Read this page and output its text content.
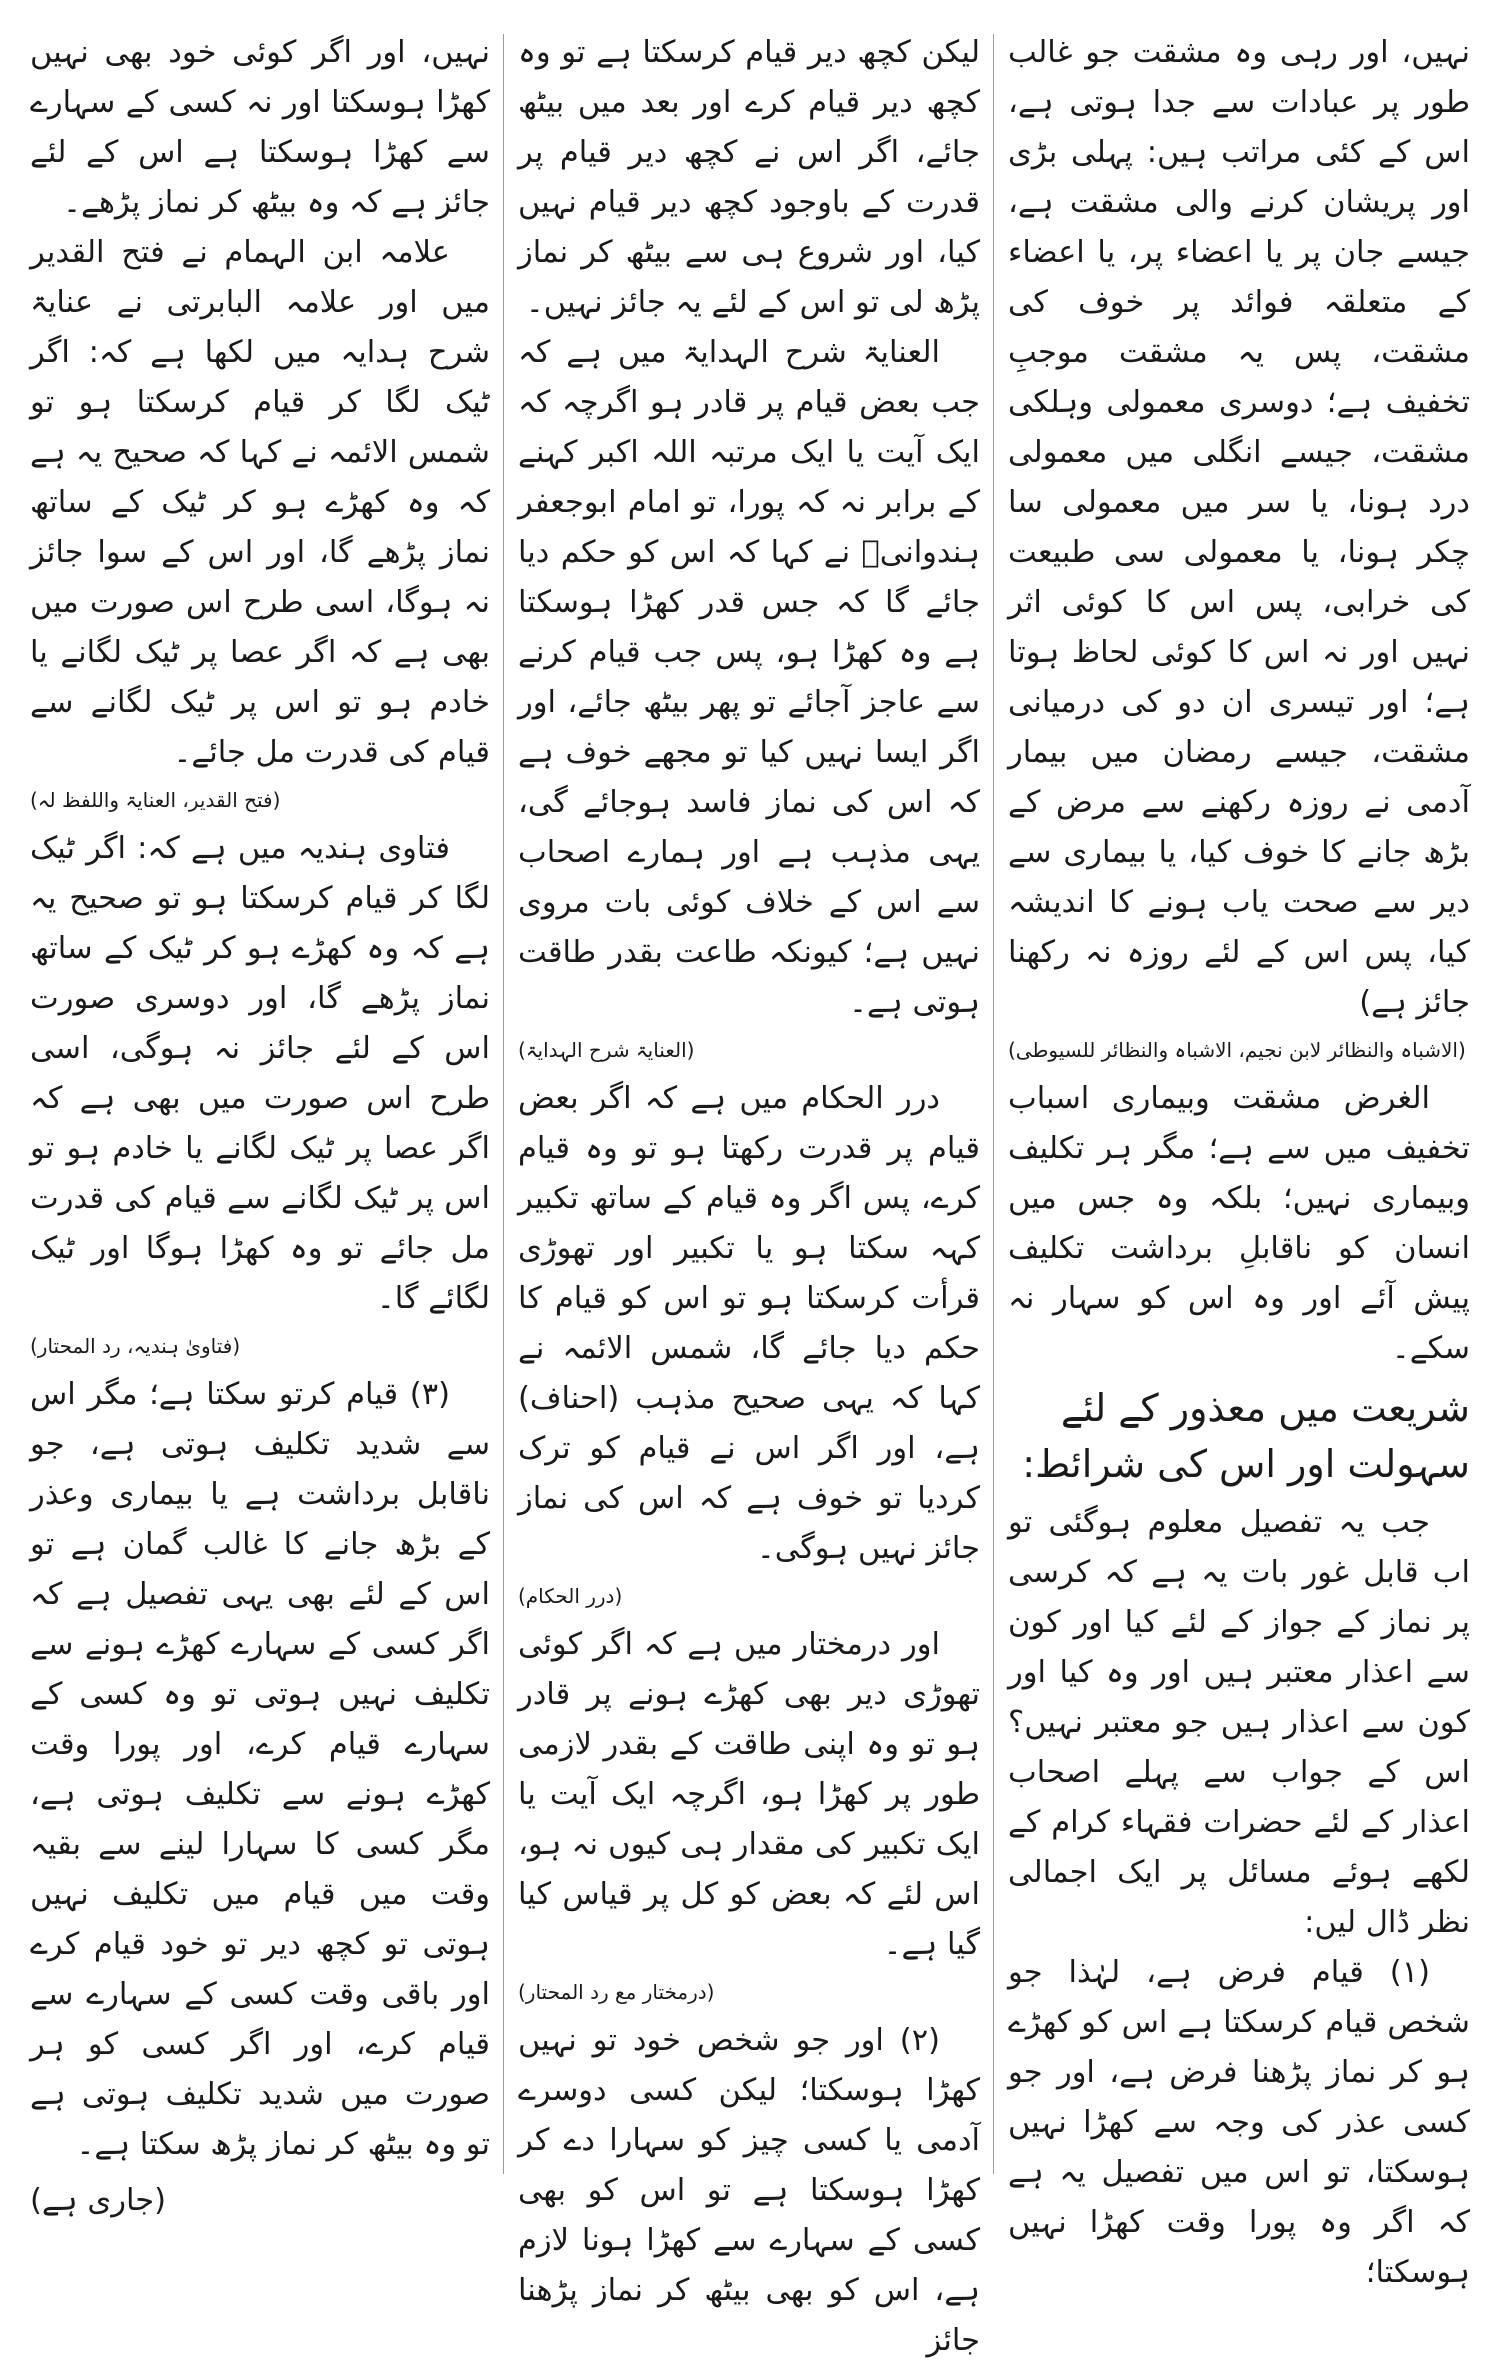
نہیں، اور رہی وہ مشقت جو غالب طور پر عبادات سے جدا ہوتی ہے، اس کے کئی مراتب ہیں: پہلی بڑی اور پریشان کرنے والی مشقت ہے، جیسے جان پر یا اعضاء پر، یا اعضاء کے متعلقہ فوائد پر خوف کی مشقت، پس یہ مشقت موجبِ تخفیف ہے؛ دوسری معمولی وہلکی مشقت، جیسے انگلی میں معمولی درد ہونا، یا سر میں معمولی سا چکر ہونا، یا معمولی سی طبیعت کی خرابی، پس اس کا کوئی اثر نہیں اور نہ اس کا کوئی لحاظ ہوتا ہے؛ اور تیسری ان دو کی درمیانی مشقت، جیسے رمضان میں بیمار آدمی نے روزہ رکھنے سے مرض کے بڑھ جانے کا خوف کیا، یا بیماری سے دیر سے صحت یاب ہونے کا اندیشہ کیا، پس اس کے لئے روزہ نہ رکھنا جائز ہے)

(الاشباہ والنظائر لابن نجیم، الاشباہ والنظائر للسیوطی)

الغرض مشقت وبیماری اسباب تخفیف میں سے ہے؛ مگر ہر تکلیف وبیماری نہیں؛ بلکہ وہ جس میں انسان کو ناقابلِ برداشت تکلیف پیش آئے اور وہ اس کو سہار نہ سکے۔

شریعت میں معذور کے لئے سہولت اور اس کی شرائط:

جب یہ تفصیل معلوم ہوگئی تو اب قابل غور بات یہ ہے کہ کرسی پر نماز کے جواز کے لئے کیا اور کون سے اعذار معتبر ہیں اور وہ کیا اور کون سے اعذار ہیں جو معتبر نہیں؟ اس کے جواب سے پہلے اصحاب اعذار کے لئے حضرات فقہاء کرام کے لکھے ہوئے مسائل پر ایک اجمالی نظر ڈال لیں:

(۱) قیام فرض ہے، لہٰذا جو شخص قیام کرسکتا ہے اس کو کھڑے ہو کر نماز پڑھنا فرض ہے، اور جو کسی عذر کی وجہ سے کھڑا نہیں ہوسکتا، تو اس میں تفصیل یہ ہے کہ اگر وہ پورا وقت کھڑا نہیں ہوسکتا؛

لیکن کچھ دیر قیام کرسکتا ہے تو وہ کچھ دیر قیام کرے اور بعد میں بیٹھ جائے، اگر اس نے کچھ دیر قیام پر قدرت کے باوجود کچھ دیر قیام نہیں کیا، اور شروع ہی سے بیٹھ کر نماز پڑھ لی تو اس کے لئے یہ جائز نہیں۔

العنایۃ شرح الہدایۃ میں ہے کہ جب بعض قیام پر قادر ہو اگرچہ کہ ایک آیت یا ایک مرتبہ اللہ اکبر کہنے کے برابر نہ کہ پورا، تو امام ابوجعفر ہندوانیؒ نے کہا کہ اس کو حکم دیا جائے گا کہ جس قدر کھڑا ہوسکتا ہے وہ کھڑا ہو، پس جب قیام کرنے سے عاجز آجائے تو پھر بیٹھ جائے، اور اگر ایسا نہیں کیا تو مجھے خوف ہے کہ اس کی نماز فاسد ہوجائے گی، یہی مذہب ہے اور ہمارے اصحاب سے اس کے خلاف کوئی بات مروی نہیں ہے؛ کیونکہ طاعت بقدر طاقت ہوتی ہے۔

(العنایۃ شرح الہدایۃ)

درر الحکام میں ہے کہ اگر بعض قیام پر قدرت رکھتا ہو تو وہ قیام کرے، پس اگر وہ قیام کے ساتھ تکبیر کہہ سکتا ہو یا تکبیر اور تھوڑی قرأت کرسکتا ہو تو اس کو قیام کا حکم دیا جائے گا، شمس الائمہ نے کہا کہ یہی صحیح مذہب (احناف) ہے، اور اگر اس نے قیام کو ترک کردیا تو خوف ہے کہ اس کی نماز جائز نہیں ہوگی۔

(درر الحکام)

اور درمختار میں ہے کہ اگر کوئی تھوڑی دیر بھی کھڑے ہونے پر قادر ہو تو وہ اپنی طاقت کے بقدر لازمی طور پر کھڑا ہو، اگرچہ ایک آیت یا ایک تکبیر کی مقدار ہی کیوں نہ ہو، اس لئے کہ بعض کو کل پر قیاس کیا گیا ہے۔

(درمختار مع رد المحتار)

(۲) اور جو شخص خود تو نہیں کھڑا ہوسکتا؛ لیکن کسی دوسرے آدمی یا کسی چیز کو سہارا دے کر کھڑا ہوسکتا ہے تو اس کو بھی کسی کے سہارے سے کھڑا ہونا لازم ہے، اس کو بھی بیٹھ کر نماز پڑھنا جائز

نہیں، اور اگر کوئی خود بھی نہیں کھڑا ہوسکتا اور نہ کسی کے سہارے سے کھڑا ہوسکتا ہے اس کے لئے جائز ہے کہ وہ بیٹھ کر نماز پڑھے۔

علامہ ابن الہمام نے فتح القدیر میں اور علامہ البابرتی نے عنایۃ شرح ہدایہ میں لکھا ہے کہ: اگر ٹیک لگا کر قیام کرسکتا ہو تو شمس الائمہ نے کہا کہ صحیح یہ ہے کہ وہ کھڑے ہو کر ٹیک کے ساتھ نماز پڑھے گا، اور اس کے سوا جائز نہ ہوگا، اسی طرح اس صورت میں بھی ہے کہ اگر عصا پر ٹیک لگانے یا خادم ہو تو اس پر ٹیک لگانے سے قیام کی قدرت مل جائے۔

(فتح القدیر، العنایۃ واللفظ لہ)

فتاوی ہندیہ میں ہے کہ: اگر ٹیک لگا کر قیام کرسکتا ہو تو صحیح یہ ہے کہ وہ کھڑے ہو کر ٹیک کے ساتھ نماز پڑھے گا، اور دوسری صورت اس کے لئے جائز نہ ہوگی، اسی طرح اس صورت میں بھی ہے کہ اگر عصا پر ٹیک لگانے یا خادم ہو تو اس پر ٹیک لگانے سے قیام کی قدرت مل جائے تو وہ کھڑا ہوگا اور ٹیک لگائے گا۔

(فتاویٰ ہندیہ، رد المحتار)

(۳) قیام کرتو سکتا ہے؛ مگر اس سے شدید تکلیف ہوتی ہے، جو ناقابل برداشت ہے یا بیماری وعذر کے بڑھ جانے کا غالب گمان ہے تو اس کے لئے بھی یہی تفصیل ہے کہ اگر کسی کے سہارے کھڑے ہونے سے تکلیف نہیں ہوتی تو وہ کسی کے سہارے قیام کرے، اور پورا وقت کھڑے ہونے سے تکلیف ہوتی ہے، مگر کسی کا سہارا لینے سے بقیہ وقت میں قیام میں تکلیف نہیں ہوتی تو کچھ دیر تو خود قیام کرے اور باقی وقت کسی کے سہارے سے قیام کرے، اور اگر کسی کو ہر صورت میں شدید تکلیف ہوتی ہے تو وہ بیٹھ کر نماز پڑھ سکتا ہے۔

(جاری ہے)
